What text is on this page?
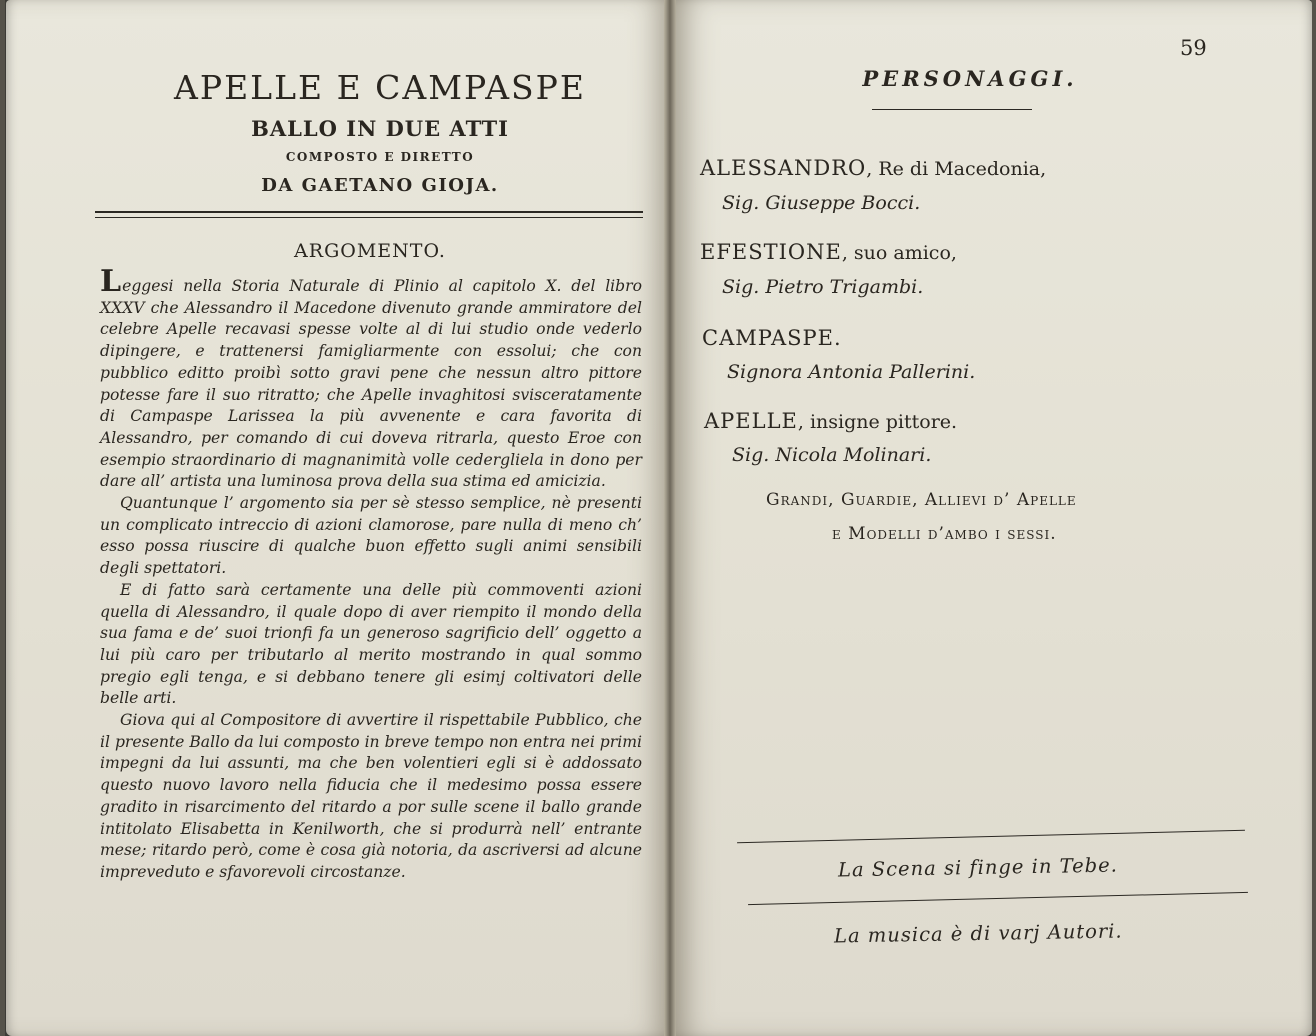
APELLE E CAMPASPE
BALLO IN DUE ATTI
COMPOSTO E DIRETTO
DA GAETANO GIOJA.
ARGOMENTO.

Leggesi nella Storia Naturale di Plinio al capitolo X. del libro XXXV che Alessandro il Macedone divenuto grande ammiratore del celebre Apelle recavasi spesse volte al di lui studio onde vederlo dipingere, e trattenersi famigliarmente con essolui; che con pubblico editto proibì sotto gravi pene che nessun altro pittore potesse fare il suo ritratto; che Apelle invaghitosi svisceratamente di Campaspe Larissea la più avvenente e cara favorita di Alessandro, per comando di cui doveva ritrarla, questo Eroe con esempio straordinario di magnanimità volle cedergliela in dono per dare all’ artista una luminosa prova della sua stima ed amicizia.

Quantunque l’ argomento sia per sè stesso semplice, nè presenti un complicato intreccio di azioni clamorose, pare nulla di meno ch’ esso possa riuscire di qualche buon effetto sugli animi sensibili degli spettatori.

E di fatto sarà certamente una delle più commoventi azioni quella di Alessandro, il quale dopo di aver riempito il mondo della sua fama e de’ suoi trionfi fa un generoso sagrificio dell’ oggetto a lui più caro per tributarlo al merito mostrando in qual sommo pregio egli tenga, e si debbano tenere gli esimj coltivatori delle belle arti.

Giova qui al Compositore di avvertire il rispettabile Pubblico, che il presente Ballo da lui composto in breve tempo non entra nei primi impegni da lui assunti, ma che ben volentieri egli si è addossato questo nuovo lavoro nella fiducia che il medesimo possa essere gradito in risarcimento del ritardo a por sulle scene il ballo grande intitolato Elisabetta in Kenilworth, che si produrrà nell’ entrante mese; ritardo però, come è cosa già notoria, da ascriversi ad alcune impreveduto e sfavorevoli circostanze.

59
PERSONAGGI.
ALESSANDRO, Re di Macedonia,
Sig. Giuseppe Bocci.
EFESTIONE, suo amico,
Sig. Pietro Trigambi.
CAMPASPE.
Signora Antonia Pallerini.
APELLE, insigne pittore.
Sig. Nicola Molinari.
Grandi, Guardie, Allievi d’ Apelle
e Modelli d’ambo i sessi.
La Scena si finge in Tebe.
La musica è di varj Autori.
